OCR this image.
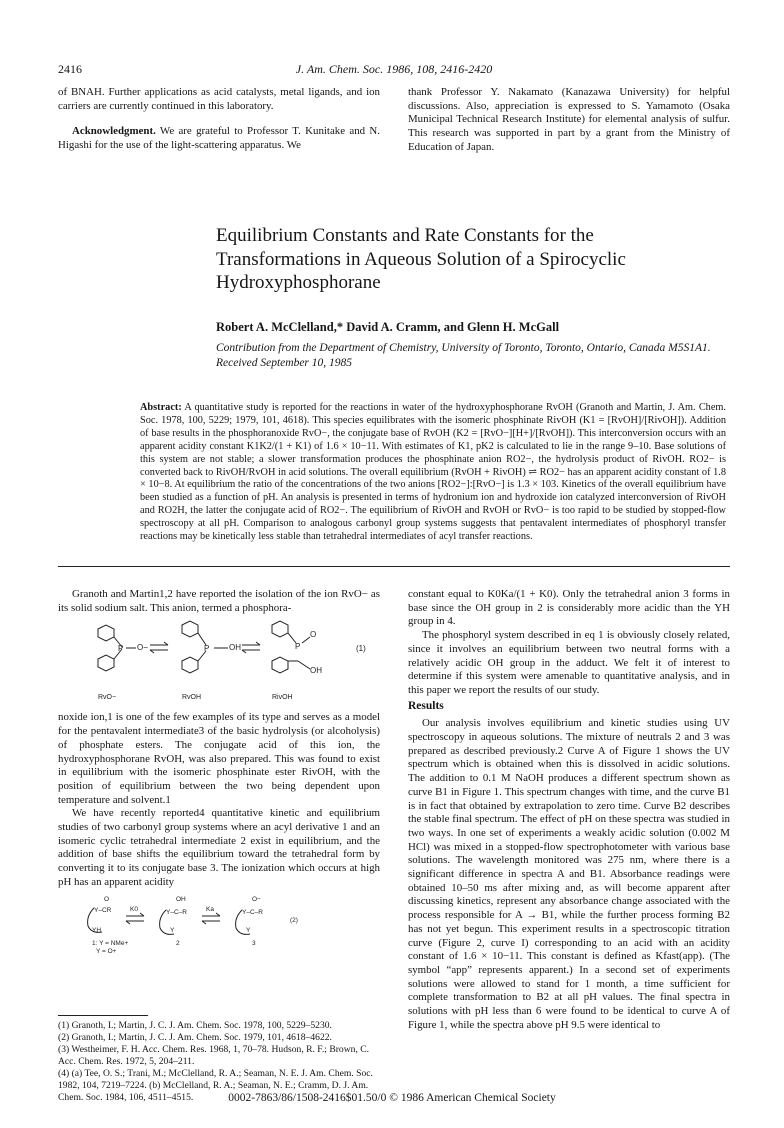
2416	J. Am. Chem. Soc. 1986, 108, 2416-2420

of BNAH. Further applications as acid catalysts, metal ligands, and ion carriers are currently continued in this laboratory.

Acknowledgment. We are grateful to Professor T. Kunitake and N. Higashi for the use of the light-scattering apparatus. We

thank Professor Y. Nakamato (Kanazawa University) for helpful discussions. Also, appreciation is expressed to S. Yamamoto (Osaka Municipal Technical Research Institute) for elemental analysis of sulfur. This research was supported in part by a grant from the Ministry of Education of Japan.

Equilibrium Constants and Rate Constants for the Transformations in Aqueous Solution of a Spirocyclic Hydroxyphosphorane
Robert A. McClelland,* David A. Cramm, and Glenn H. McGall
Contribution from the Department of Chemistry, University of Toronto, Toronto, Ontario, Canada M5S1A1. Received September 10, 1985
Abstract: A quantitative study is reported for the reactions in water of the hydroxyphosphorane RvOH (Granoth and Martin, J. Am. Chem. Soc. 1978, 100, 5229; 1979, 101, 4618). This species equilibrates with the isomeric phosphinate RivOH (K1 = [RvOH]/[RivOH]). Addition of base results in the phosphoranoxide RvO−, the conjugate base of RvOH (K2 = [RvO−][H+]/[RvOH]). This interconversion occurs with an apparent acidity constant K1K2/(1 + K1) of 1.6 × 10−11. With estimates of K1, pK2 is calculated to lie in the range 9–10. Base solutions of this system are not stable; a slower transformation produces the phosphinate anion RO2−, the hydrolysis product of RivOH. RO2− is converted back to RivOH/RvOH in acid solutions. The overall equilibrium (RvOH + RivOH) ⇌ RO2− has an apparent acidity constant of 1.8 × 10−8. At equilibrium the ratio of the concentrations of the two anions [RO2−]:[RvO−] is 1.3 × 103. Kinetics of the overall equilibrium have been studied as a function of pH. An analysis is presented in terms of hydronium ion and hydroxide ion catalyzed interconversion of RivOH and RO2H, the latter the conjugate acid of RO2−. The equilibrium of RivOH and RvOH or RvO− is too rapid to be studied by stopped-flow spectroscopy at all pH. Comparison to analogous carbonyl group systems suggests that pentavalent intermediates of phosphoryl transfer reactions may be kinetically less stable than tetrahedral intermediates of acyl transfer reactions.

Granoth and Martin1,2 have reported the isolation of the ion RvO− as its solid sodium salt. This anion, termed a phosphora-

P O−	P OH	P
O
OH
(1)
RvO−	RvOH	RivOH

noxide ion,1 is one of the few examples of its type and serves as a model for the pentavalent intermediate3 of the basic hydrolysis (or alcoholysis) of phosphate esters. The conjugate acid of this ion, the hydroxyphosphorane RvOH, was also prepared. This was found to exist in equilibrium with the isomeric phosphinate ester RivOH, with the position of equilibrium between the two being dependent upon temperature and solvent.1

We have recently reported4 quantitative kinetic and equilibrium studies of two carbonyl group systems where an acyl derivative 1 and an isomeric cyclic tetrahedral intermediate 2 exist in equilibrium, and the addition of base shifts the equilibrium toward the tetrahedral form by converting it to its conjugate base 3. The ionization which occurs at high pH has an apparent acidity

O
Y–CR
YH
OH
Y–C–R
Y
O−
Y–C–R
Y
K0	Ka
(2)
1: Y = NMe+
Y = O+
2	3

(1) Granoth, I.; Martin, J. C. J. Am. Chem. Soc. 1978, 100, 5229–5230.

(2) Granoth, I.; Martin, J. C. J. Am. Chem. Soc. 1979, 101, 4618–4622.

(3) Westheimer, F. H. Acc. Chem. Res. 1968, 1, 70–78. Hudson, R. F.; Brown, C. Acc. Chem. Res. 1972, 5, 204–211.

(4) (a) Tee, O. S.; Trani, M.; McClelland, R. A.; Seaman, N. E. J. Am. Chem. Soc. 1982, 104, 7219–7224. (b) McClelland, R. A.; Seaman, N. E.; Cramm, D. J. Am. Chem. Soc. 1984, 106, 4511–4515.

constant equal to K0Ka/(1 + K0). Only the tetrahedral anion 3 forms in base since the OH group in 2 is considerably more acidic than the YH group in 4.

The phosphoryl system described in eq 1 is obviously closely related, since it involves an equilibrium between two neutral forms with a relatively acidic OH group in the adduct. We felt it of interest to determine if this system were amenable to quantitative analysis, and in this paper we report the results of our study.

Results

Our analysis involves equilibrium and kinetic studies using UV spectroscopy in aqueous solutions. The mixture of neutrals 2 and 3 was prepared as described previously.2 Curve A of Figure 1 shows the UV spectrum which is obtained when this is dissolved in acidic solutions. The addition to 0.1 M NaOH produces a different spectrum shown as curve B1 in Figure 1. This spectrum changes with time, and the curve B1 is in fact that obtained by extrapolation to zero time. Curve B2 describes the stable final spectrum. The effect of pH on these spectra was studied in two ways. In one set of experiments a weakly acidic solution (0.002 M HCl) was mixed in a stopped-flow spectrophotometer with various base solutions. The wavelength monitored was 275 nm, where there is a significant difference in spectra A and B1. Absorbance readings were obtained 10–50 ms after mixing and, as will become apparent after discussing kinetics, represent any absorbance change associated with the process responsible for A → B1, while the further process forming B2 has not yet begun. This experiment results in a spectroscopic titration curve (Figure 2, curve I) corresponding to an acid with an acidity constant of 1.6 × 10−11. This constant is defined as Kfast(app). (The symbol “app” represents apparent.) In a second set of experiments solutions were allowed to stand for 1 month, a time sufficient for complete transformation to B2 at all pH values. The final spectra in solutions with pH less than 6 were found to be identical to curve A of Figure 1, while the spectra above pH 9.5 were identical to

0002-7863/86/1508-2416$01.50/0 © 1986 American Chemical Society
